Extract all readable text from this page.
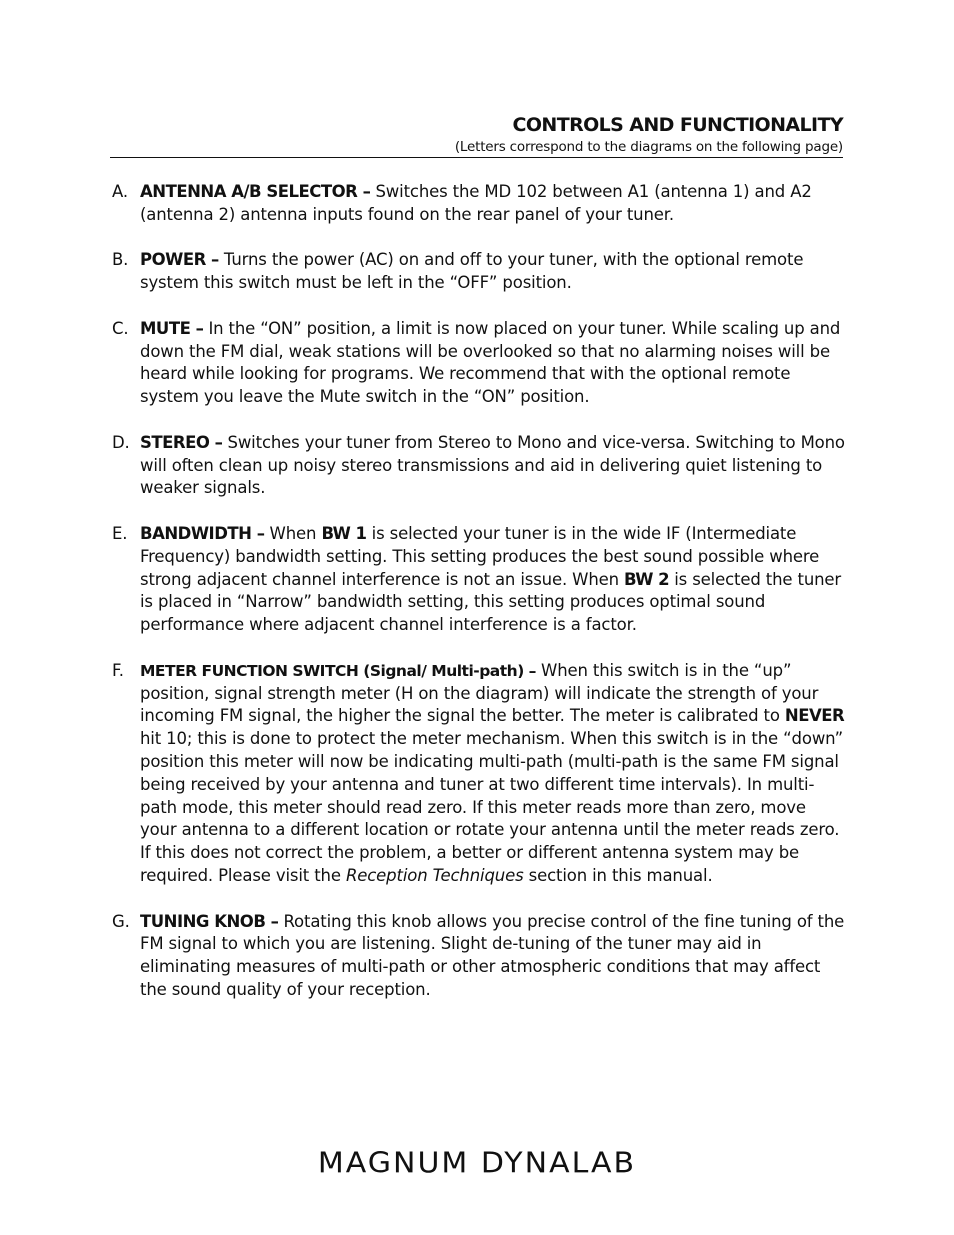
CONTROLS AND FUNCTIONALITY
(Letters correspond to the diagrams on the following page)
A. ANTENNA A/B SELECTOR – Switches the MD 102 between A1 (antenna 1) and A2 (antenna 2) antenna inputs found on the rear panel of your tuner.
B. POWER – Turns the power (AC) on and off to your tuner, with the optional remote system this switch must be left in the “OFF” position.
C. MUTE – In the “ON” position, a limit is now placed on your tuner. While scaling up and down the FM dial, weak stations will be overlooked so that no alarming noises will be heard while looking for programs. We recommend that with the optional remote system you leave the Mute switch in the “ON” position.
D. STEREO – Switches your tuner from Stereo to Mono and vice-versa. Switching to Mono will often clean up noisy stereo transmissions and aid in delivering quiet listening to weaker signals.
E. BANDWIDTH – When BW 1 is selected your tuner is in the wide IF (Intermediate Frequency) bandwidth setting. This setting produces the best sound possible where strong adjacent channel interference is not an issue. When BW 2 is selected the tuner is placed in “Narrow” bandwidth setting, this setting produces optimal sound performance where adjacent channel interference is a factor.
F. METER FUNCTION SWITCH (Signal/ Multi-path) – When this switch is in the “up” position, signal strength meter (H on the diagram) will indicate the strength of your incoming FM signal, the higher the signal the better. The meter is calibrated to NEVER hit 10; this is done to protect the meter mechanism. When this switch is in the “down” position this meter will now be indicating multi-path (multi-path is the same FM signal being received by your antenna and tuner at two different time intervals). In multi-path mode, this meter should read zero. If this meter reads more than zero, move your antenna to a different location or rotate your antenna until the meter reads zero. If this does not correct the problem, a better or different antenna system may be required. Please visit the Reception Techniques section in this manual.
G. TUNING KNOB – Rotating this knob allows you precise control of the fine tuning of the FM signal to which you are listening. Slight de-tuning of the tuner may aid in eliminating measures of multi-path or other atmospheric conditions that may affect the sound quality of your reception.
MAGNUM DYNALAB
